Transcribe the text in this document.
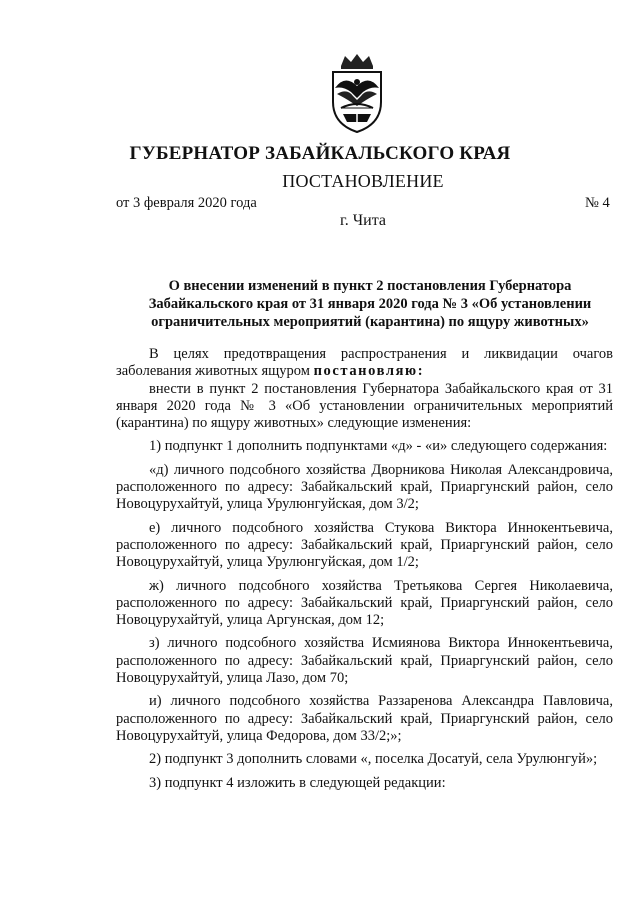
ГУБЕРНАТОР ЗАБАЙКАЛЬСКОГО КРАЯ
ПОСТАНОВЛЕНИЕ
от 3 февраля 2020 года	№ 4
г. Чита
О внесении изменений в пункт 2 постановления Губернатора Забайкальского края от 31 января 2020 года № 3 «Об установлении ограничительных мероприятий (карантина) по ящуру животных»

В целях предотвращения распространения и ликвидации очагов заболевания животных ящуром постановляю:

внести в пункт 2 постановления Губернатора Забайкальского края от 31 января 2020 года № 3 «Об установлении ограничительных мероприятий (карантина) по ящуру животных» следующие изменения:

1) подпункт 1 дополнить подпунктами «д» - «и» следующего содержания:

«д) личного подсобного хозяйства Дворникова Николая Александровича, расположенного по адресу: Забайкальский край, Приаргунский район, село Новоцурухайтуй, улица Урулюнгуйская, дом 3/2;

е) личного подсобного хозяйства Стукова Виктора Иннокентьевича, расположенного по адресу: Забайкальский край, Приаргунский район, село Новоцурухайтуй, улица Урулюнгуйская, дом 1/2;

ж) личного подсобного хозяйства Третьякова Сергея Николаевича, расположенного по адресу: Забайкальский край, Приаргунский район, село Новоцурухайтуй, улица Аргунская, дом 12;

з) личного подсобного хозяйства Исмиянова Виктора Иннокентьевича, расположенного по адресу: Забайкальский край, Приаргунский район, село Новоцурухайтуй, улица Лазо, дом 70;

и) личного подсобного хозяйства Раззаренова Александра Павловича, расположенного по адресу: Забайкальский край, Приаргунский район, село Новоцурухайтуй, улица Федорова, дом 33/2;»;

2) подпункт 3 дополнить словами «, поселка Досатуй, села Урулюнгуй»;

3) подпункт 4 изложить в следующей редакции:
